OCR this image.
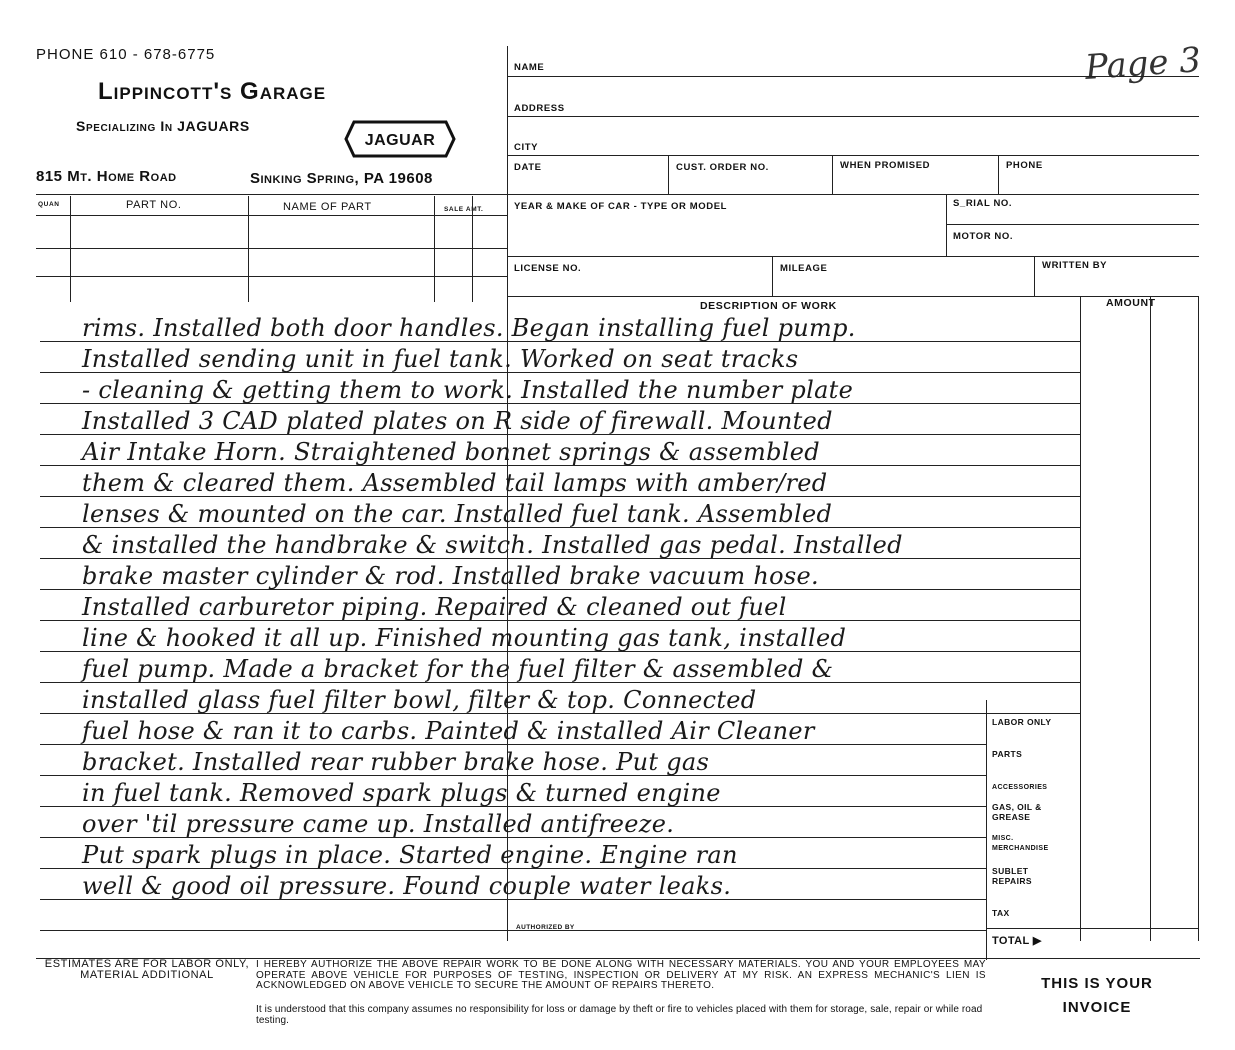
PHONE 610 - 678-6775
Lippincott's Garage
Specializing In JAGUARS
JAGUAR
815 Mt. Home Road	Sinking Spring, PA 19608
Page 3
NAME
ADDRESS
CITY
DATE	CUST. ORDER NO.	WHEN PROMISED	PHONE
YEAR & MAKE OF CAR - TYPE OR MODEL	S_RIAL NO.
MOTOR NO.
LICENSE NO.	MILEAGE	WRITTEN BY
DESCRIPTION OF WORK	AMOUNT
QUAN	PART NO.	NAME OF PART	SALE AMT.
rims. Installed both door handles. Began installing fuel pump.
Installed sending unit in fuel tank. Worked on seat tracks
- cleaning & getting them to work. Installed the number plate
Installed 3 CAD plated plates on R side of firewall. Mounted
Air Intake Horn. Straightened bonnet springs & assembled
them & cleared them. Assembled tail lamps with amber/red
lenses & mounted on the car. Installed fuel tank. Assembled
& installed the handbrake & switch. Installed gas pedal. Installed
brake master cylinder & rod. Installed brake vacuum hose.
Installed carburetor piping. Repaired & cleaned out fuel
line & hooked it all up. Finished mounting gas tank, installed
fuel pump. Made a bracket for the fuel filter & assembled &
installed glass fuel filter bowl, filter & top. Connected
fuel hose & ran it to carbs. Painted & installed Air Cleaner
bracket. Installed rear rubber brake hose. Put gas
in fuel tank. Removed spark plugs & turned engine
over 'til pressure came up. Installed antifreeze.
Put spark plugs in place. Started engine. Engine ran
well & good oil pressure. Found couple water leaks.
LABOR ONLY
PARTS
ACCESSORIES
GAS, OIL & GREASE
MISC. MERCHANDISE
SUBLET REPAIRS
TAX
TOTAL ▶
AUTHORIZED BY
ESTIMATES ARE FOR LABOR ONLY, MATERIAL ADDITIONAL
I HEREBY AUTHORIZE THE ABOVE REPAIR WORK TO BE DONE ALONG WITH NECESSARY MATERIALS. YOU AND YOUR EMPLOYEES MAY OPERATE ABOVE VEHICLE FOR PURPOSES OF TESTING, INSPECTION OR DELIVERY AT MY RISK. AN EXPRESS MECHANIC'S LIEN IS ACKNOWLEDGED ON ABOVE VEHICLE TO SECURE THE AMOUNT OF REPAIRS THERETO.
It is understood that this company assumes no responsibility for loss or damage by theft or fire to vehicles placed with them for storage, sale, repair or while road testing.
THIS IS YOUR INVOICE
